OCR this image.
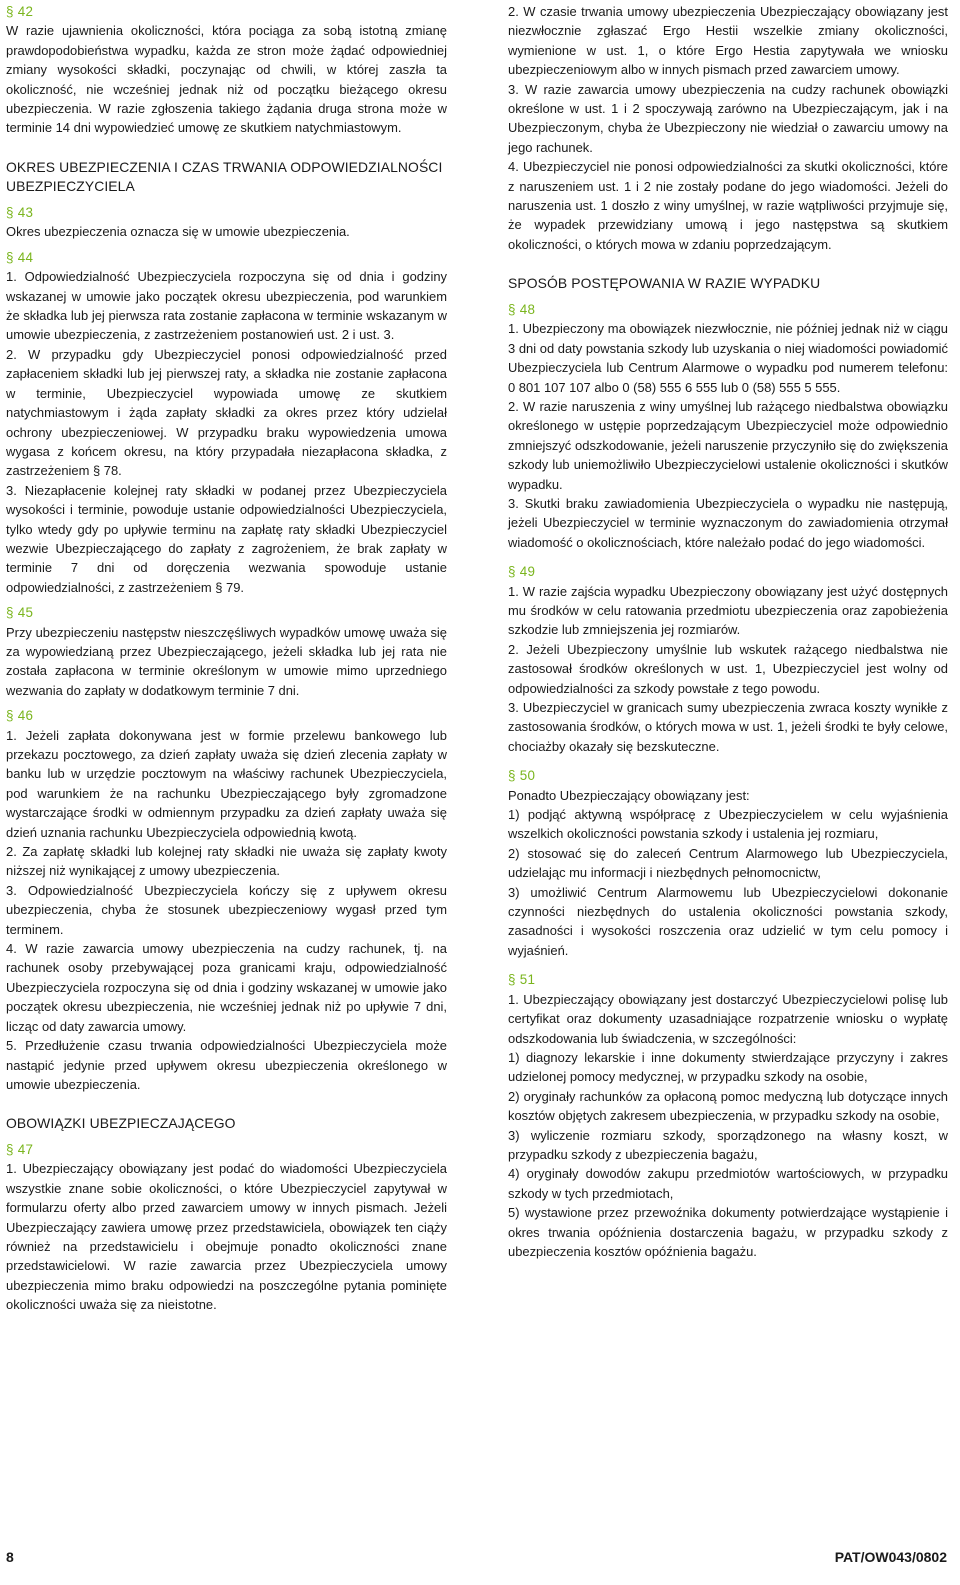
§ 42

W razie ujawnienia okoliczności, która pociąga za sobą istotną zmianę prawdopodobieństwa wypadku, każda ze stron może żądać odpowiedniej zmiany wysokości składki, poczynając od chwili, w której zaszła ta okoliczność, nie wcześniej jednak niż od początku bieżącego okresu ubezpieczenia. W razie zgłoszenia takiego żądania druga strona może w terminie 14 dni wypowiedzieć umowę ze skutkiem natychmiastowym.

OKRES UBEZPIECZENIA I CZAS TRWANIA ODPOWIEDZIALNOŚCI UBEZPIECZYCIELA

§ 43

Okres ubezpieczenia oznacza się w umowie ubezpieczenia.

§ 44

1. Odpowiedzialność Ubezpieczyciela rozpoczyna się od dnia i godziny wskazanej w umowie jako początek okresu ubezpieczenia, pod warunkiem że składka lub jej pierwsza rata zostanie zapłacona w terminie wskazanym w umowie ubezpieczenia, z zastrzeżeniem postanowień ust. 2 i ust. 3.

2. W przypadku gdy Ubezpieczyciel ponosi odpowiedzialność przed zapłaceniem składki lub jej pierwszej raty, a składka nie zostanie zapłacona w terminie, Ubezpieczyciel wypowiada umowę ze skutkiem natychmiastowym i żąda zapłaty składki za okres przez który udzielał ochrony ubezpieczeniowej. W przypadku braku wypowiedzenia umowa wygasa z końcem okresu, na który przypadała niezapłacona składka, z zastrzeżeniem § 78.

3. Niezapłacenie kolejnej raty składki w podanej przez Ubezpieczyciela wysokości i terminie, powoduje ustanie odpowiedzialności Ubezpieczyciela, tylko wtedy gdy po upływie terminu na zapłatę raty składki Ubezpieczyciel wezwie Ubezpieczającego do zapłaty z zagrożeniem, że brak zapłaty w terminie 7 dni od doręczenia wezwania spowoduje ustanie odpowiedzialności, z zastrzeżeniem § 79.

§ 45

Przy ubezpieczeniu następstw nieszczęśliwych wypadków umowę uważa się za wypowiedzianą przez Ubezpieczającego, jeżeli składka lub jej rata nie została zapłacona w terminie określonym w umowie mimo uprzedniego wezwania do zapłaty w dodatkowym terminie 7 dni.

§ 46

1. Jeżeli zapłata dokonywana jest w formie przelewu bankowego lub przekazu pocztowego, za dzień zapłaty uważa się dzień zlecenia zapłaty w banku lub w urzędzie pocztowym na właściwy rachunek Ubezpieczyciela, pod warunkiem że na rachunku Ubezpieczającego były zgromadzone wystarczające środki w odmiennym przypadku za dzień zapłaty uważa się dzień uznania rachunku Ubezpieczyciela odpowiednią kwotą.

2. Za zapłatę składki lub kolejnej raty składki nie uważa się zapłaty kwoty niższej niż wynikającej z umowy ubezpieczenia.

3. Odpowiedzialność Ubezpieczyciela kończy się z upływem okresu ubezpieczenia, chyba że stosunek ubezpieczeniowy wygasł przed tym terminem.

4. W razie zawarcia umowy ubezpieczenia na cudzy rachunek, tj. na rachunek osoby przebywającej poza granicami kraju, odpowiedzialność Ubezpieczyciela rozpoczyna się od dnia i godziny wskazanej w umowie jako początek okresu ubezpieczenia, nie wcześniej jednak niż po upływie 7 dni, licząc od daty zawarcia umowy.

5. Przedłużenie czasu trwania odpowiedzialności Ubezpieczyciela może nastąpić jedynie przed upływem okresu ubezpieczenia określonego w umowie ubezpieczenia.

OBOWIĄZKI UBEZPIECZAJĄCEGO

§ 47

1. Ubezpieczający obowiązany jest podać do wiadomości Ubezpieczyciela wszystkie znane sobie okoliczności, o które Ubezpieczyciel zapytywał w formularzu oferty albo przed zawarciem umowy w innych pismach. Jeżeli Ubezpieczający zawiera umowę przez przedstawiciela, obowiązek ten ciąży również na przedstawicielu i obejmuje ponadto okoliczności znane przedstawicielowi. W razie zawarcia przez Ubezpieczyciela umowy ubezpieczenia mimo braku odpowiedzi na poszczególne pytania pominięte okoliczności uważa się za nieistotne.

2. W czasie trwania umowy ubezpieczenia Ubezpieczający obowiązany jest niezwłocznie zgłaszać Ergo Hestii wszelkie zmiany okoliczności, wymienione w ust. 1, o które Ergo Hestia zapytywała we wniosku ubezpieczeniowym albo w innych pismach przed zawarciem umowy.

3. W razie zawarcia umowy ubezpieczenia na cudzy rachunek obowiązki określone w ust. 1 i 2 spoczywają zarówno na Ubezpieczającym, jak i na Ubezpieczonym, chyba że Ubezpieczony nie wiedział o zawarciu umowy na jego rachunek.

4. Ubezpieczyciel nie ponosi odpowiedzialności za skutki okoliczności, które z naruszeniem ust. 1 i 2 nie zostały podane do jego wiadomości. Jeżeli do naruszenia ust. 1 doszło z winy umyślnej, w razie wątpliwości przyjmuje się, że wypadek przewidziany umową i jego następstwa są skutkiem okoliczności, o których mowa w zdaniu poprzedzającym.

SPOSÓB POSTĘPOWANIA W RAZIE WYPADKU

§ 48

1. Ubezpieczony ma obowiązek niezwłocznie, nie później jednak niż w ciągu 3 dni od daty powstania szkody lub uzyskania o niej wiadomości powiadomić Ubezpieczyciela lub Centrum Alarmowe o wypadku pod numerem telefonu: 0 801 107 107 albo 0 (58) 555 6 555 lub 0 (58) 555 5 555.

2. W razie naruszenia z winy umyślnej lub rażącego niedbalstwa obowiązku określonego w ustępie poprzedzającym Ubezpieczyciel może odpowiednio zmniejszyć odszkodowanie, jeżeli naruszenie przyczyniło się do zwiększenia szkody lub uniemożliwiło Ubezpieczycielowi ustalenie okoliczności i skutków wypadku.

3. Skutki braku zawiadomienia Ubezpieczyciela o wypadku nie następują, jeżeli Ubezpieczyciel w terminie wyznaczonym do zawiadomienia otrzymał wiadomość o okolicznościach, które należało podać do jego wiadomości.

§ 49

1. W razie zajścia wypadku Ubezpieczony obowiązany jest użyć dostępnych mu środków w celu ratowania przedmiotu ubezpieczenia oraz zapobieżenia szkodzie lub zmniejszenia jej rozmiarów.

2. Jeżeli Ubezpieczony umyślnie lub wskutek rażącego niedbalstwa nie zastosował środków określonych w ust. 1, Ubezpieczyciel jest wolny od odpowiedzialności za szkody powstałe z tego powodu.

3. Ubezpieczyciel w granicach sumy ubezpieczenia zwraca koszty wynikłe z zastosowania środków, o których mowa w ust. 1, jeżeli środki te były celowe, chociażby okazały się bezskuteczne.

§ 50

Ponadto Ubezpieczający obowiązany jest:

1) podjąć aktywną współpracę z Ubezpieczycielem w celu wyjaśnienia wszelkich okoliczności powstania szkody i ustalenia jej rozmiaru,

2) stosować się do zaleceń Centrum Alarmowego lub Ubezpieczyciela, udzielając mu informacji i niezbędnych pełnomocnictw,

3) umożliwić Centrum Alarmowemu lub Ubezpieczycielowi dokonanie czynności niezbędnych do ustalenia okoliczności powstania szkody, zasadności i wysokości roszczenia oraz udzielić w tym celu pomocy i wyjaśnień.

§ 51

1. Ubezpieczający obowiązany jest dostarczyć Ubezpieczycielowi polisę lub certyfikat oraz dokumenty uzasadniające rozpatrzenie wniosku o wypłatę odszkodowania lub świadczenia, w szczególności:

1) diagnozy lekarskie i inne dokumenty stwierdzające przyczyny i zakres udzielonej pomocy medycznej, w przypadku szkody na osobie,

2) oryginały rachunków za opłaconą pomoc medyczną lub dotyczące innych kosztów objętych zakresem ubezpieczenia, w przypadku szkody na osobie,

3) wyliczenie rozmiaru szkody, sporządzonego na własny koszt, w przypadku szkody z ubezpieczenia bagażu,

4) oryginały dowodów zakupu przedmiotów wartościowych, w przypadku szkody w tych przedmiotach,

5) wystawione przez przewoźnika dokumenty potwierdzające wystąpienie i okres trwania opóźnienia dostarczenia bagażu, w przypadku szkody z ubezpieczenia kosztów opóźnienia bagażu.

8	PAT/OW043/0802
